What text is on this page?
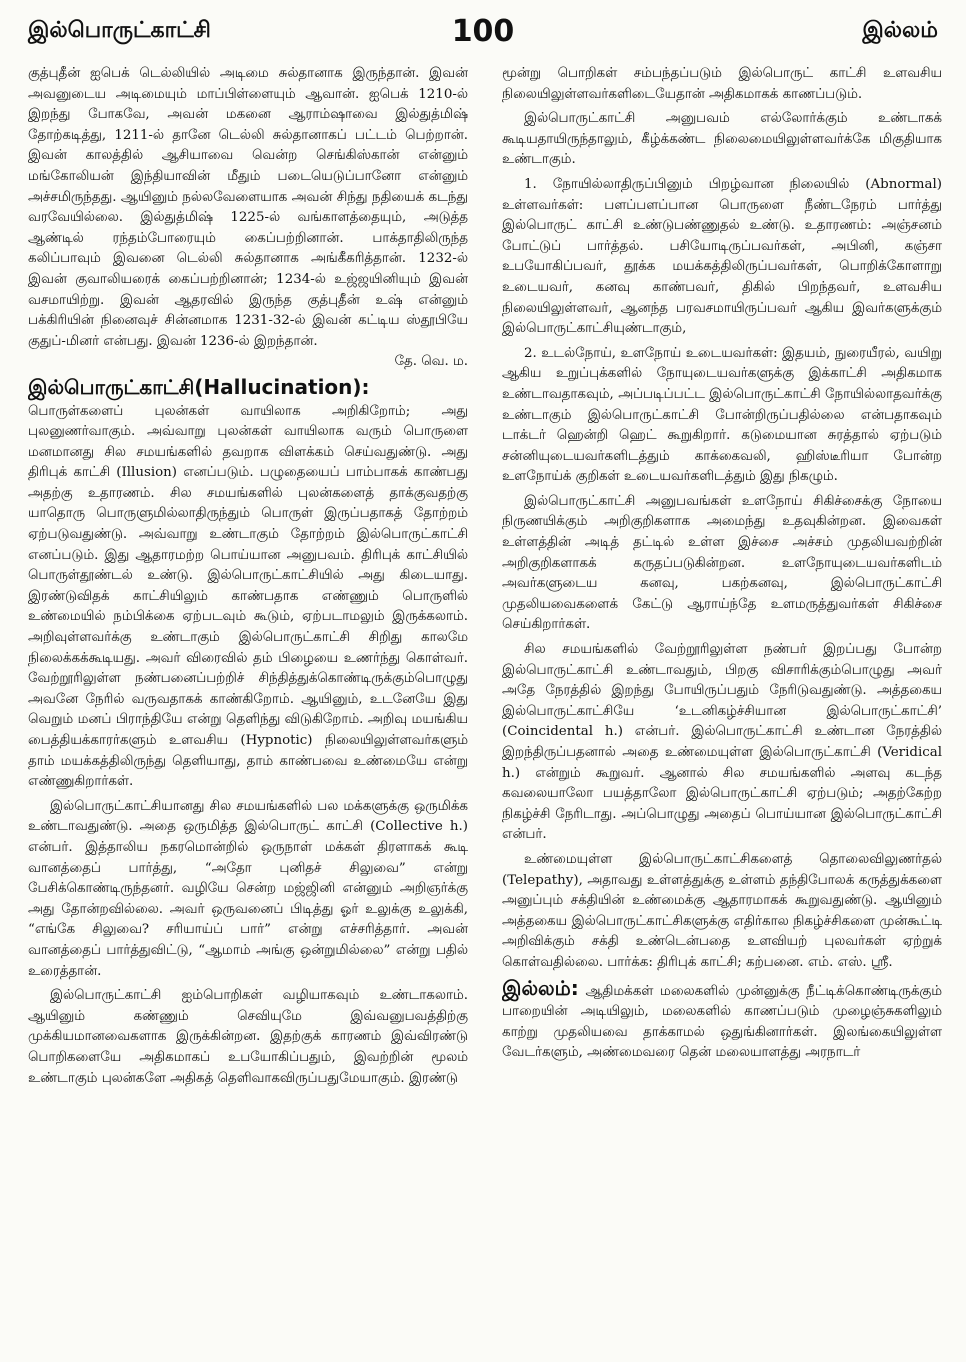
இல்பொருட்காட்சி	100	இல்லம்

குத்புதீன் ஐபெக் டெல்லியில் அடிமை சுல்தானாக இருந்தான். இவன் அவனுடைய அடிமையும் மாப்பிள்ளையும் ஆவான். ஐபெக் 1210-ல் இறந்து போகவே, அவன் மகனை ஆராம்ஷாவை இல்துத்மிஷ் தோற்கடித்து, 1211-ல் தானே டெல்லி சுல்தானாகப் பட்டம் பெற்றான். இவன் காலத்தில் ஆசியாவை வென்ற செங்கிஸ்கான் என்னும் மங்கோலியன் இந்தியாவின் மீதும் படையெடுப்பானோ என்னும் அச்சமிருந்தது. ஆயினும் நல்லவேளையாக அவன் சிந்து நதியைக் கடந்து வரவேயில்லை. இல்துத்மிஷ் 1225-ல் வங்காளத்தையும், அடுத்த ஆண்டில் ரந்தம்போரையும் கைப்பற்றினான். பாக்தாதிலிருந்த கலிப்பாவும் இவனை டெல்லி சுல்தானாக அங்கீகரித்தான். 1232-ல் இவன் குவாலியரைக் கைப்பற்றினான்; 1234-ல் உஜ்ஜயினியும் இவன் வசமாயிற்று. இவன் ஆதரவில் இருந்த குத்புதீன் உஷ் என்னும் பக்கிரியின் நினைவுச் சின்னமாக 1231-32-ல் இவன் கட்டிய ஸ்தூபியே குதுப்-மினர் என்பது. இவன் 1236-ல் இறந்தான்.
தே. வெ. ம.

இல்பொருட்காட்சி(Hallucination): பொருள்களைப் புலன்கள் வாயிலாக அறிகிறோம்; அது புலனுணர்வாகும். அவ்வாறு புலன்கள் வாயிலாக வரும் பொருளை மனமானது சில சமயங்களில் தவறாக விளக்கம் செய்வதுண்டு. அது திரிபுக் காட்சி (Illusion) எனப்படும். பழுதையைப் பாம்பாகக் காண்பது அதற்கு உதாரணம். சில சமயங்களில் புலன்களைத் தாக்குவதற்கு யாதொரு பொருளுமில்லாதிருந்தும் பொருள் இருப்பதாகத் தோற்றம் ஏற்படுவதுண்டு. அவ்வாறு உண்டாகும் தோற்றம் இல்பொருட்காட்சி எனப்படும். இது ஆதாரமற்ற பொய்யான அனுபவம். திரிபுக் காட்சியில் பொருள்தூண்டல் உண்டு. இல்பொருட்காட்சியில் அது கிடையாது. இரண்டுவிதக் காட்சியிலும் காண்பதாக எண்ணும் பொருளில் உண்மையில் நம்பிக்கை ஏற்படவும் கூடும், ஏற்படாமலும் இருக்கலாம். அறிவுள்ளவர்க்கு உண்டாகும் இல்பொருட்காட்சி சிறிது காலமே நிலைக்கக்கூடியது. அவர் விரைவில் தம் பிழையை உணர்ந்து கொள்வர். வேற்றூரிலுள்ள நண்பனைப்பற்றிச் சிந்தித்துக்கொண்டிருக்கும்பொழுது அவனே நேரில் வருவதாகக் காண்கிறோம். ஆயினும், உடனேயே இது வெறும் மனப் பிராந்தியே என்று தெளிந்து விடுகிறோம். அறிவு மயங்கிய பைத்தியக்காரர்களும் உளவசிய (Hypnotic) நிலையிலுள்ளவர்களும் தாம் மயக்கத்திலிருந்து தெளியாது, தாம் காண்பவை உண்மையே என்று எண்ணுகிறார்கள்.

இல்பொருட்காட்சியானது சில சமயங்களில் பல மக்களுக்கு ஒருமிக்க உண்டாவதுண்டு. அதை ஒருமித்த இல்பொருட் காட்சி (Collective h.) என்பர். இத்தாலிய நகரமொன்றில் ஒருநாள் மக்கள் திரளாகக் கூடி வானத்தைப் பார்த்து, “அதோ புனிதச் சிலுவை” என்று பேசிக்கொண்டிருந்தனர். வழியே சென்ற மஜ்ஜினி என்னும் அறிஞர்க்கு அது தோன்றவில்லை. அவர் ஒருவனைப் பிடித்து ஓர் உலுக்கு உலுக்கி, “எங்கே சிலுவை? சரியாய்ப் பார்” என்று எச்சரித்தார். அவன் வானத்தைப் பார்த்துவிட்டு, “ஆமாம் அங்கு ஒன்றுமில்லை” என்று பதில் உரைத்தான்.

இல்பொருட்காட்சி ஐம்பொறிகள் வழியாகவும் உண்டாகலாம். ஆயினும் கண்ணும் செவியுமே இவ்வனுபவத்திற்கு முக்கியமானவைகளாக இருக்கின்றன. இதற்குக் காரணம் இவ்விரண்டு பொறிகளையே அதிகமாகப் உபயோகிப்பதும், இவற்றின் மூலம் உண்டாகும் புலன்களே அதிகத் தெளிவாகவிருப்பதுமேயாகும். இரண்டு

மூன்று பொறிகள் சம்பந்தப்படும் இல்பொருட் காட்சி உளவசிய நிலையிலுள்ளவர்களிடையேதான் அதிகமாகக் காணப்படும்.

இல்பொருட்காட்சி அனுபவம் எல்லோர்க்கும் உண்டாகக் கூடியதாயிருந்தாலும், கீழ்க்கண்ட நிலைமையிலுள்ளவர்க்கே மிகுதியாக உண்டாகும்.

1. நோயில்லாதிருப்பினும் பிறழ்வான நிலையில் (Abnormal) உள்ளவர்கள்: பளப்பளப்பான பொருளை நீண்டநேரம் பார்த்து இல்பொருட் காட்சி உண்டுபண்ணுதல் உண்டு. உதாரணம்: அஞ்சனம் போட்டுப் பார்த்தல். பசியோடிருப்பவர்கள், அபினி, கஞ்சா உபயோகிப்பவர், தூக்க மயக்கத்திலிருப்பவர்கள், பொறிக்கோளாறு உடையவர், கனவு காண்பவர், திகில் பிறந்தவர், உளவசிய நிலையிலுள்ளவர், ஆனந்த பரவசமாயிருப்பவர் ஆகிய இவர்களுக்கும் இல்பொருட்காட்சியுண்டாகும்,

2. உடல்நோய், உளநோய் உடையவர்கள்: இதயம், நுரையீரல், வயிறு ஆகிய உறுப்புக்களில் நோயுடையவர்களுக்கு இக்காட்சி அதிகமாக உண்டாவதாகவும், அப்படிப்பட்ட இல்பொருட்காட்சி நோயில்லாதவர்க்கு உண்டாகும் இல்பொருட்காட்சி போன்றிருப்பதில்லை என்பதாகவும் டாக்டர் ஹென்றி ஹெட் கூறுகிறார். கடுமையான சுரத்தால் ஏற்படும் சன்னியுடையவர்களிடத்தும் காக்கைவலி, ஹிஸ்டீரியா போன்ற உளநோய்க் குறிகள் உடையவர்களிடத்தும் இது நிகழும்.

இல்பொருட்காட்சி அனுபவங்கள் உளநோய் சிகிச்சைக்கு நோயை நிருணயிக்கும் அறிகுறிகளாக அமைந்து உதவுகின்றன. இவைகள் உள்ளத்தின் அடித் தட்டில் உள்ள இச்சை அச்சம் முதலியவற்றின் அறிகுறிகளாகக் கருதப்படுகின்றன. உளநோயுடையவர்களிடம் அவர்களுடைய கனவு, பகற்கனவு, இல்பொருட்காட்சி முதலியவைகளைக் கேட்டு ஆராய்ந்தே உளமருத்துவர்கள் சிகிச்சை செய்கிறார்கள்.

சில சமயங்களில் வேற்றூரிலுள்ள நண்பர் இறப்பது போன்ற இல்பொருட்காட்சி உண்டாவதும், பிறகு விசாரிக்கும்பொழுது அவர் அதே நேரத்தில் இறந்து போயிருப்பதும் நேரிடுவதுண்டு. அத்தகைய இல்பொருட்காட்சியே ‘உடனிகழ்ச்சியான இல்பொருட்காட்சி’ (Coincidental h.) என்பர். இல்பொருட்காட்சி உண்டான நேரத்தில் இறந்திருப்பதனால் அதை உண்மையுள்ள இல்பொருட்காட்சி (Veridical h.) என்றும் கூறுவர். ஆனால் சில சமயங்களில் அளவு கடந்த கவலையாலோ பயத்தாலோ இல்பொருட்காட்சி ஏற்படும்; அதற்கேற்ற நிகழ்ச்சி நேரிடாது. அப்பொழுது அதைப் பொய்யான இல்பொருட்காட்சி என்பர்.

உண்மையுள்ள இல்பொருட்காட்சிகளைத் தொலைவிலுணர்தல் (Telepathy), அதாவது உள்ளத்துக்கு உள்ளம் தந்திபோலக் கருத்துக்களை அனுப்பும் சக்தியின் உண்மைக்கு ஆதாரமாகக் கூறுவதுண்டு. ஆயினும் அத்தகைய இல்பொருட்காட்சிகளுக்கு எதிர்கால நிகழ்ச்சிகளை முன்கூட்டி அறிவிக்கும் சக்தி உண்டென்பதை உளவியற் புலவர்கள் ஏற்றுக் கொள்வதில்லை. பார்க்க: திரிபுக் காட்சி; கற்பனை. எம். எஸ். ஸ்ரீ.

இல்லம்: ஆதிமக்கள் மலைகளில் முன்னுக்கு நீட்டிக்கொண்டிருக்கும் பாறையின் அடியிலும், மலைகளில் காணப்படும் முழைஞ்சுகளிலும் காற்று முதலியவை தாக்காமல் ஒதுங்கினார்கள். இலங்கையிலுள்ள வேடர்களும், அண்மைவரை தென் மலையாளத்து அரநாடர்
